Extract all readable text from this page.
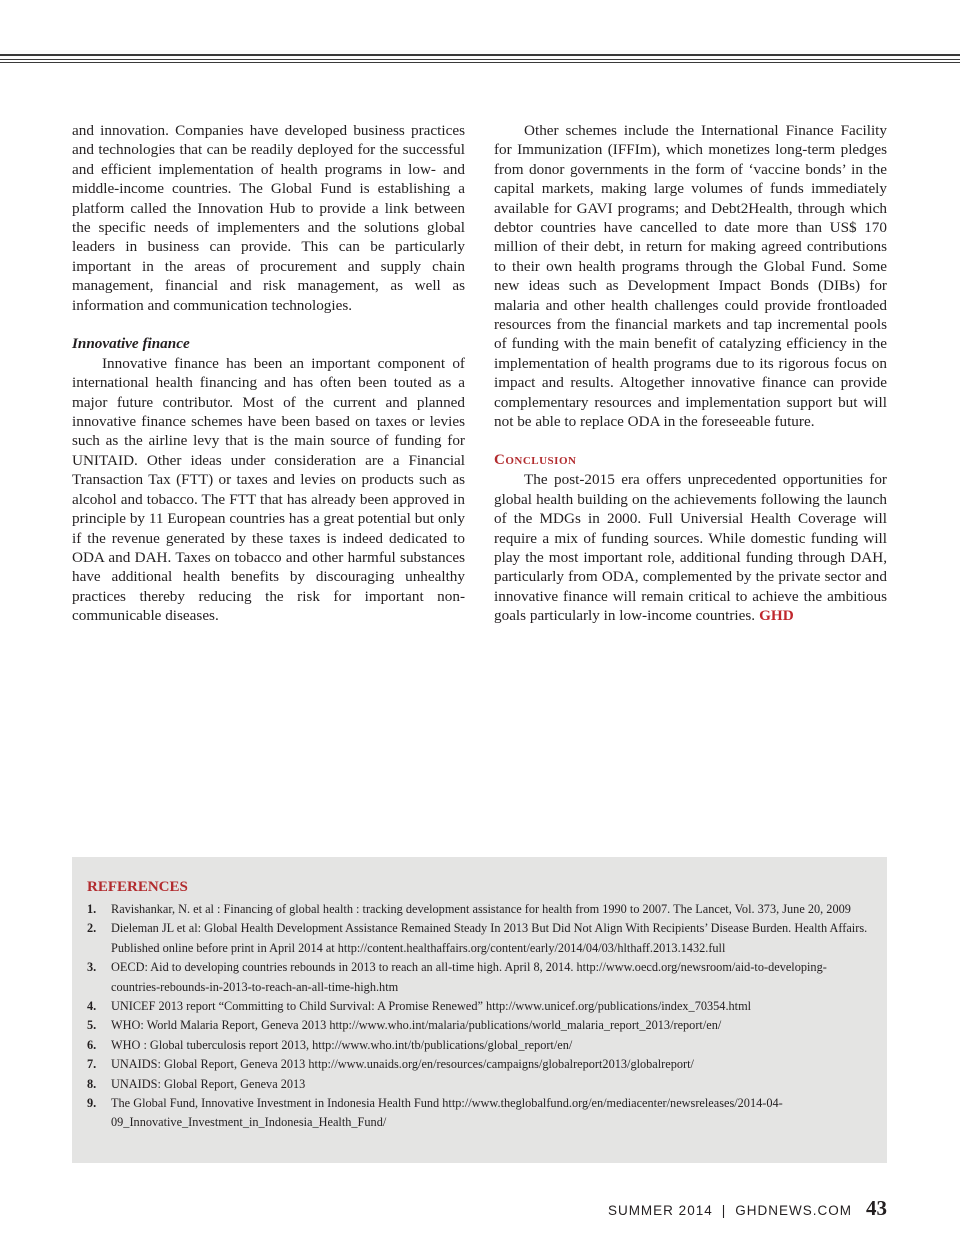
and innovation. Companies have developed business practices and technologies that can be readily deployed for the successful and efficient implementation of health programs in low- and middle-income countries. The Global Fund is establishing a platform called the Innovation Hub to provide a link between the specific needs of implementers and the solutions global leaders in business can provide. This can be particularly important in the areas of procurement and supply chain management, financial and risk management, as well as information and communication technologies.

Innovative finance

Innovative finance has been an important component of international health financing and has often been touted as a major future contributor. Most of the current and planned innovative finance schemes have been based on taxes or levies such as the airline levy that is the main source of funding for UNITAID. Other ideas under consideration are a Financial Transaction Tax (FTT) or taxes and levies on products such as alcohol and tobacco. The FTT that has already been approved in principle by 11 European countries has a great potential but only if the revenue generated by these taxes is indeed dedicated to ODA and DAH. Taxes on tobacco and other harmful substances have additional health benefits by discouraging unhealthy practices thereby reducing the risk for important non-communicable diseases.

Other schemes include the International Finance Facility for Immunization (IFFIm), which monetizes long-term pledges from donor governments in the form of ‘vaccine bonds’ in the capital markets, making large volumes of funds immediately available for GAVI programs; and Debt2Health, through which debtor countries have cancelled to date more than US$ 170 million of their debt, in return for making agreed contributions to their own health programs through the Global Fund. Some new ideas such as Development Impact Bonds (DIBs) for malaria and other health challenges could provide frontloaded resources from the financial markets and tap incremental pools of funding with the main benefit of catalyzing efficiency in the implementation of health programs due to its rigorous focus on impact and results. Altogether innovative finance can provide complementary resources and implementation support but will not be able to replace ODA in the foreseeable future.

Conclusion

The post-2015 era offers unprecedented opportunities for global health building on the achievements following the launch of the MDGs in 2000. Full Universial Health Coverage will require a mix of funding sources. While domestic funding will play the most important role, additional funding through DAH, particularly from ODA, complemented by the private sector and innovative finance will remain critical to achieve the ambitious goals particularly in low-income countries. GHD

REFERENCES

1. Ravishankar, N. et al : Financing of global health : tracking development assistance for health from 1990 to 2007. The Lancet, Vol. 373, June 20, 2009
2. Dieleman JL et al: Global Health Development Assistance Remained Steady In 2013 But Did Not Align With Recipients’ Disease Burden. Health Affairs. Published online before print in April 2014 at http://content.healthaffairs.org/content/early/2014/04/03/hlthaff.2013.1432.full
3. OECD: Aid to developing countries rebounds in 2013 to reach an all-time high. April 8, 2014. http://www.oecd.org/newsroom/aid-to-developing-countries-rebounds-in-2013-to-reach-an-all-time-high.htm
4. UNICEF 2013 report “Committing to Child Survival: A Promise Renewed” http://www.unicef.org/publications/index_70354.html
5. WHO: World Malaria Report, Geneva 2013 http://www.who.int/malaria/publications/world_malaria_report_2013/report/en/
6. WHO : Global tuberculosis report 2013, http://www.who.int/tb/publications/global_report/en/
7. UNAIDS: Global Report, Geneva 2013 http://www.unaids.org/en/resources/campaigns/globalreport2013/globalreport/
8. UNAIDS: Global Report, Geneva 2013
9. The Global Fund, Innovative Investment in Indonesia Health Fund http://www.theglobalfund.org/en/mediacenter/newsreleases/2014-04-09_Innovative_Investment_in_Indonesia_Health_Fund/
SUMMER 2014 | GHDNEWS.COM 43
